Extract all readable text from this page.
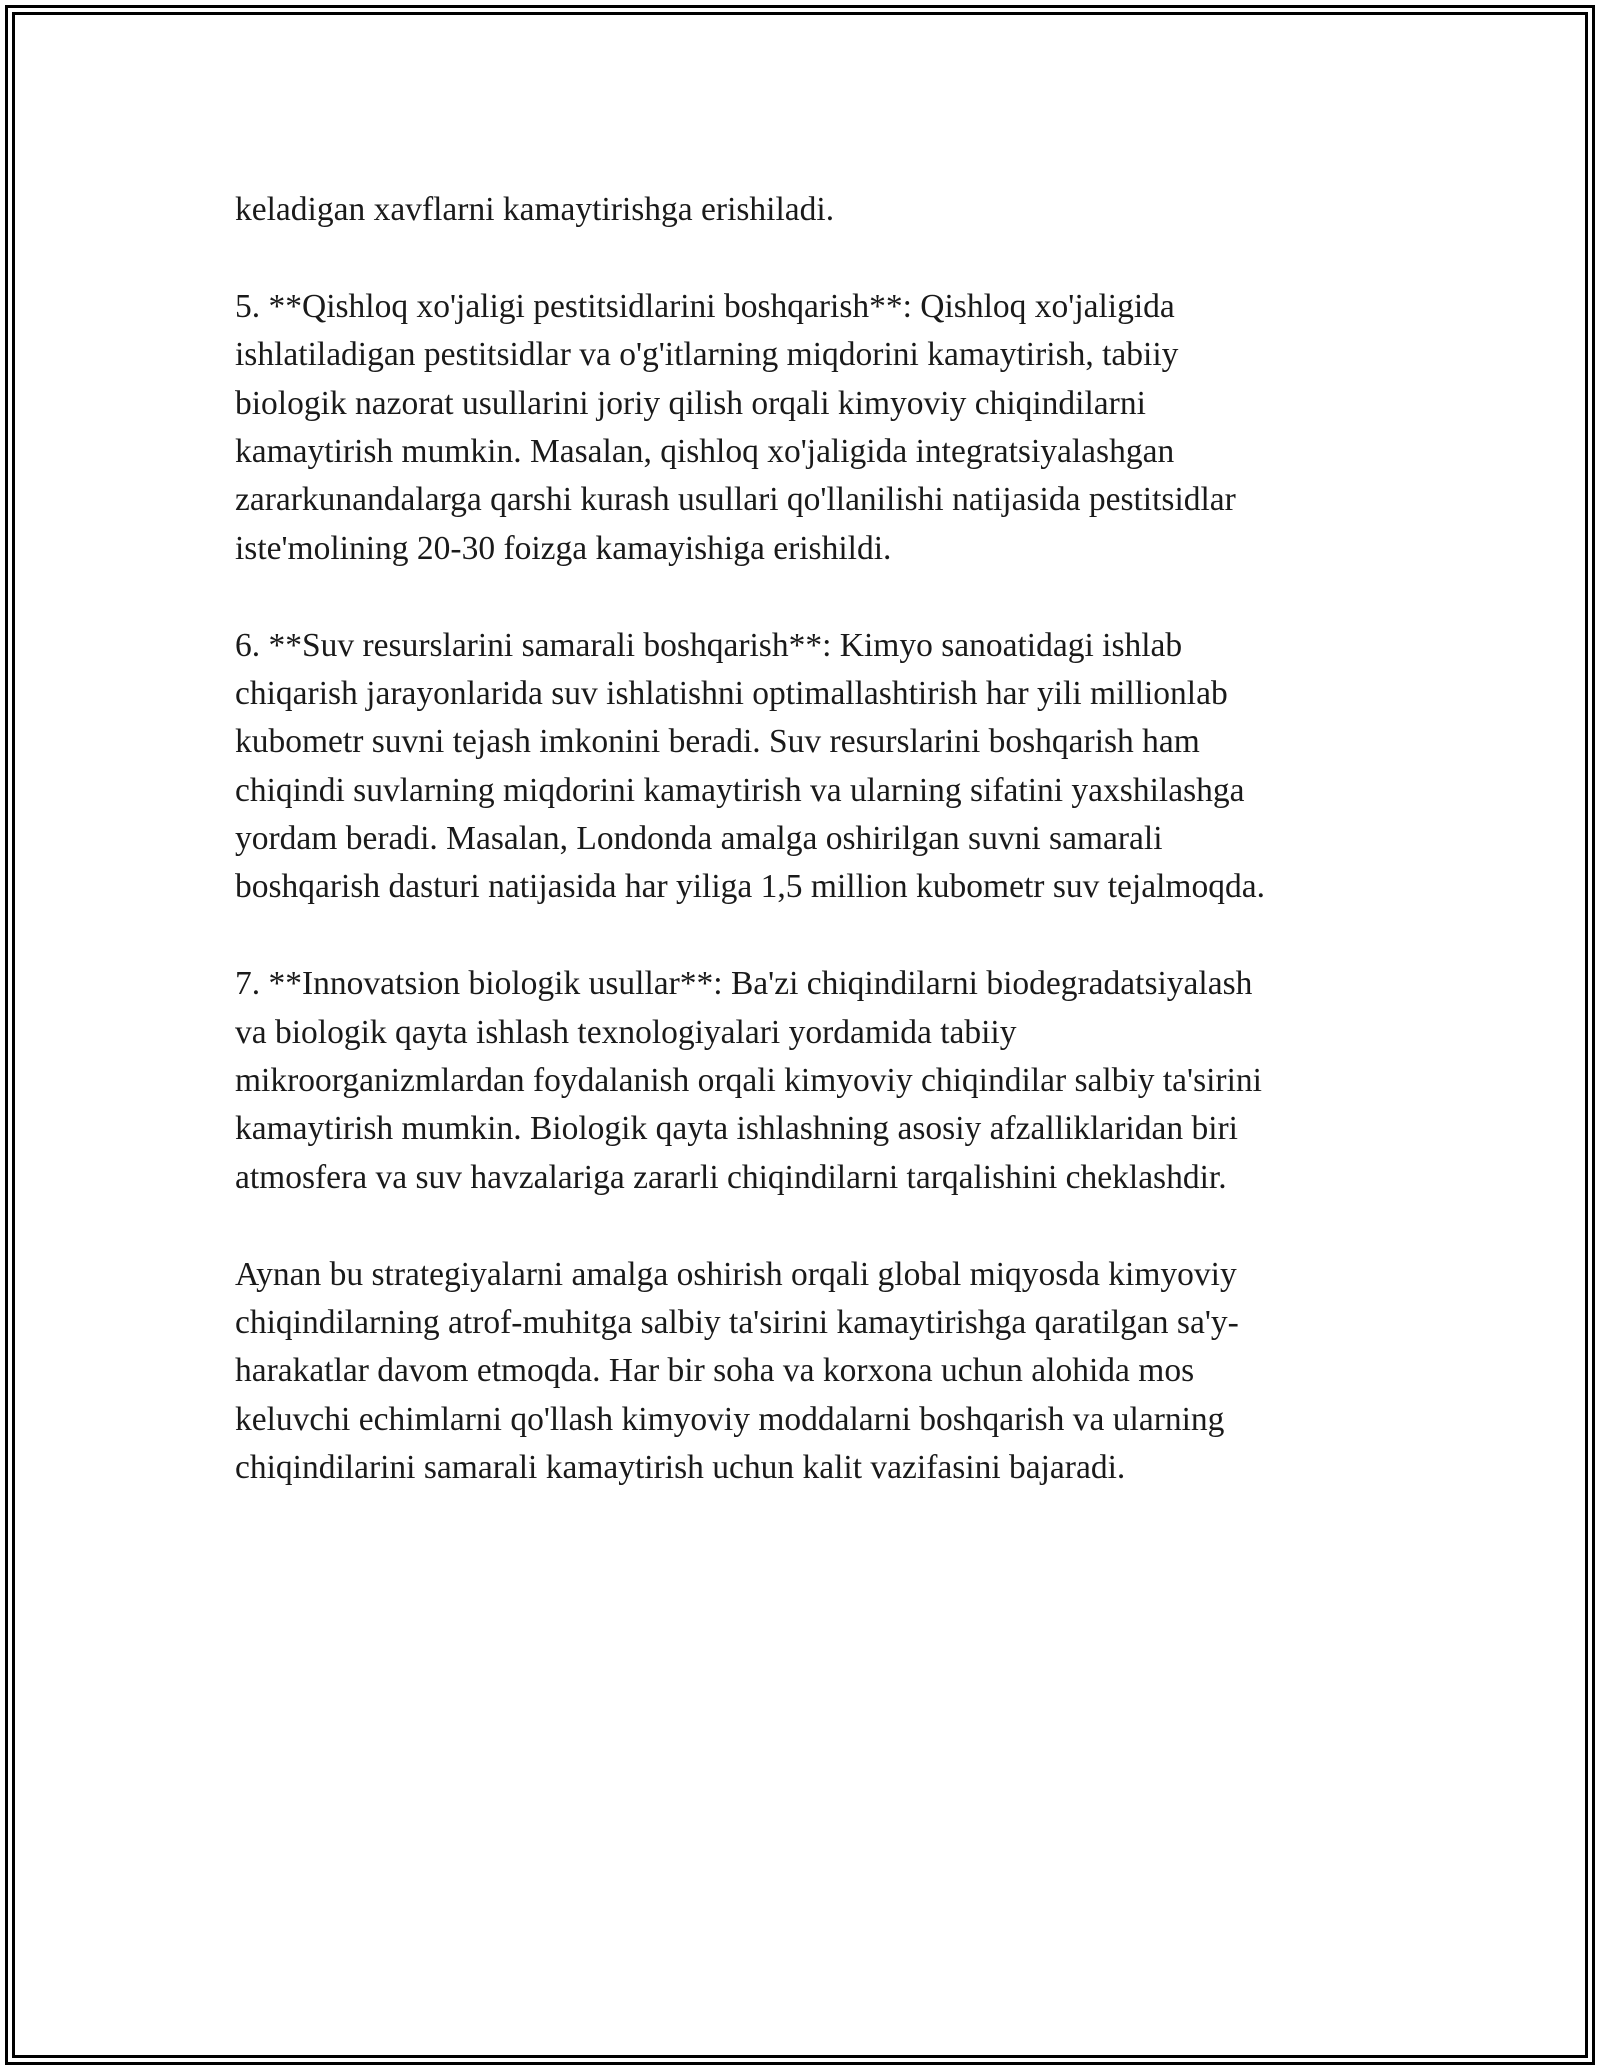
keladigan xavflarni kamaytirishga erishiladi.
5. **Qishloq xo'jaligi pestitsidlarini boshqarish**: Qishloq xo'jaligida
ishlatiladigan pestitsidlar va o'g'itlarning miqdorini kamaytirish, tabiiy
biologik nazorat usullarini joriy qilish orqali kimyoviy chiqindilarni
kamaytirish mumkin. Masalan, qishloq xo'jaligida integratsiyalashgan
zararkunandalarga qarshi kurash usullari qo'llanilishi natijasida pestitsidlar
iste'molining 20-30 foizga kamayishiga erishildi.
6. **Suv resurslarini samarali boshqarish**: Kimyo sanoatidagi ishlab
chiqarish jarayonlarida suv ishlatishni optimallashtirish har yili millionlab
kubometr suvni tejash imkonini beradi. Suv resurslarini boshqarish ham
chiqindi suvlarning miqdorini kamaytirish va ularning sifatini yaxshilashga
yordam beradi. Masalan, Londonda amalga oshirilgan suvni samarali
boshqarish dasturi natijasida har yiliga 1,5 million kubometr suv tejalmoqda.
7. **Innovatsion biologik usullar**: Ba'zi chiqindilarni biodegradatsiyalash
va biologik qayta ishlash texnologiyalari yordamida tabiiy
mikroorganizmlardan foydalanish orqali kimyoviy chiqindilar salbiy ta'sirini
kamaytirish mumkin. Biologik qayta ishlashning asosiy afzalliklaridan biri
atmosfera va suv havzalariga zararli chiqindilarni tarqalishini cheklashdir.
Aynan bu strategiyalarni amalga oshirish orqali global miqyosda kimyoviy
chiqindilarning atrof-muhitga salbiy ta'sirini kamaytirishga qaratilgan sa'y-
harakatlar davom etmoqda. Har bir soha va korxona uchun alohida mos
keluvchi echimlarni qo'llash kimyoviy moddalarni boshqarish va ularning
chiqindilarini samarali kamaytirish uchun kalit vazifasini bajaradi.
